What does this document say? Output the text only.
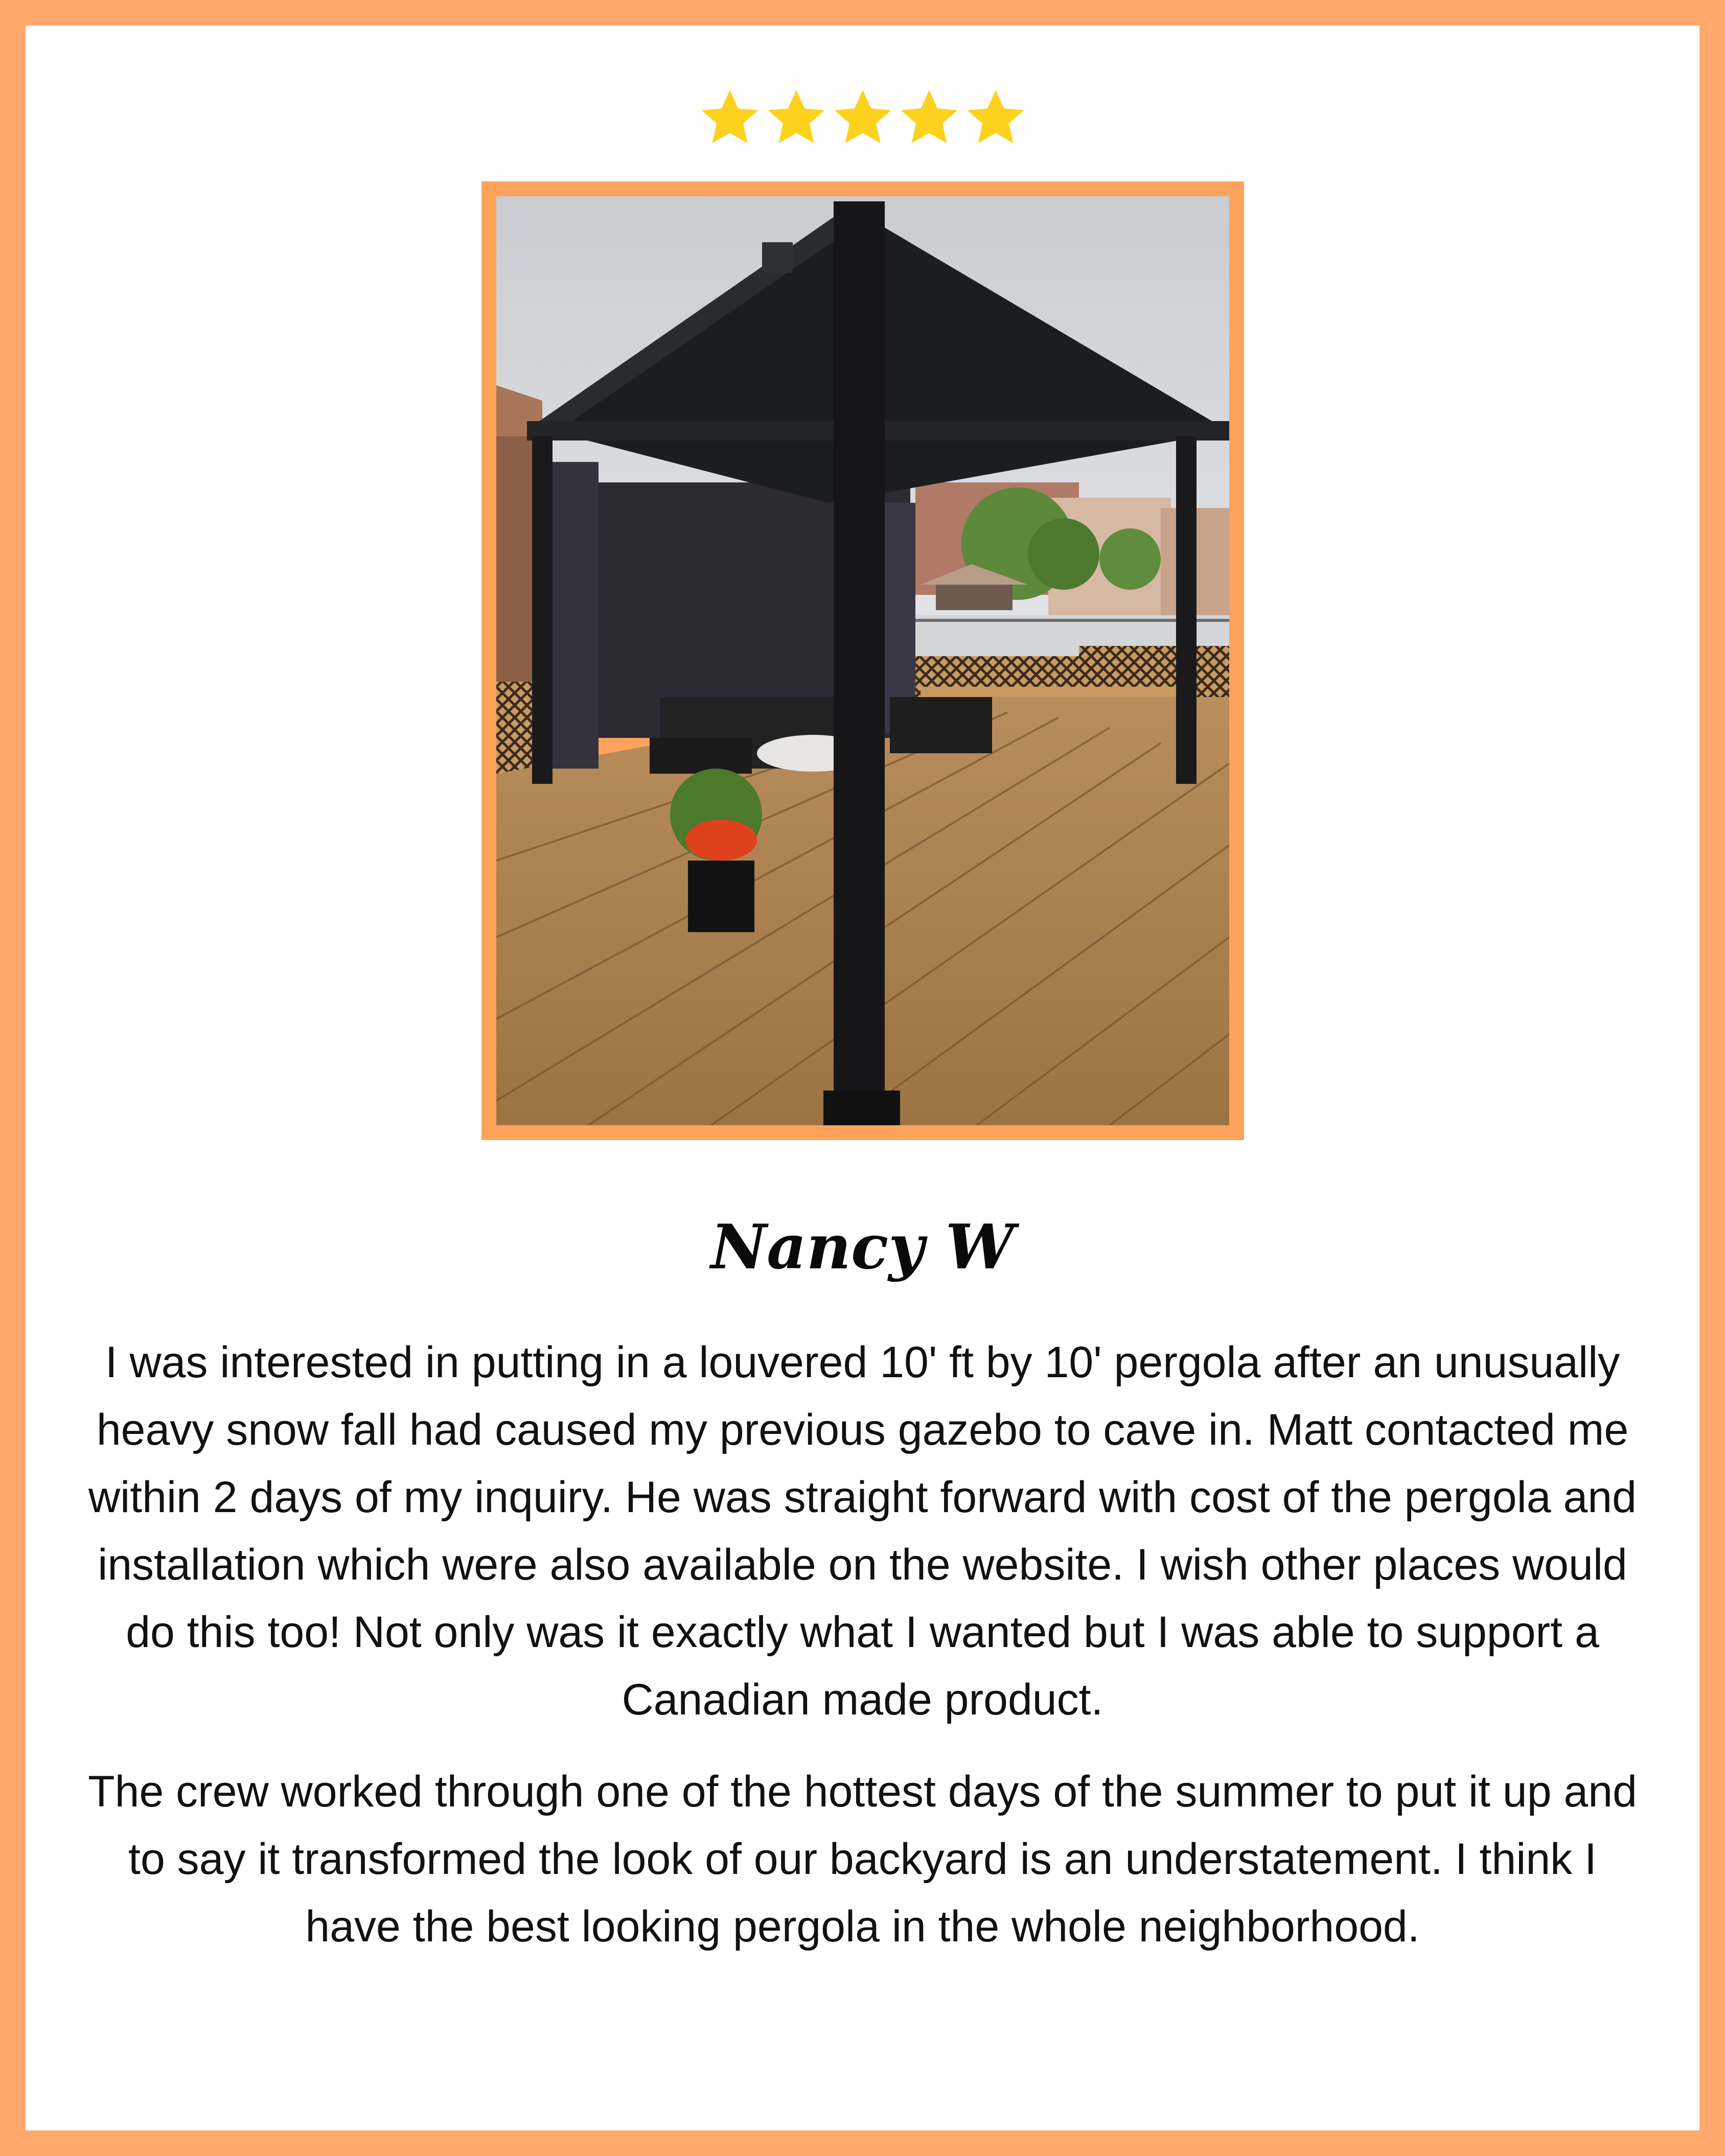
Nancy W

I was interested in putting in a louvered 10' ft by 10' pergola after an unusually heavy snow fall had caused my previous gazebo to cave in. Matt contacted me within 2 days of my inquiry. He was straight forward with cost of the pergola and installation which were also available on the website. I wish other places would do this too! Not only was it exactly what I wanted but I was able to support a Canadian made product.

The crew worked through one of the hottest days of the summer to put it up and to say it transformed the look of our backyard is an understatement. I think I have the best looking pergola in the whole neighborhood.
